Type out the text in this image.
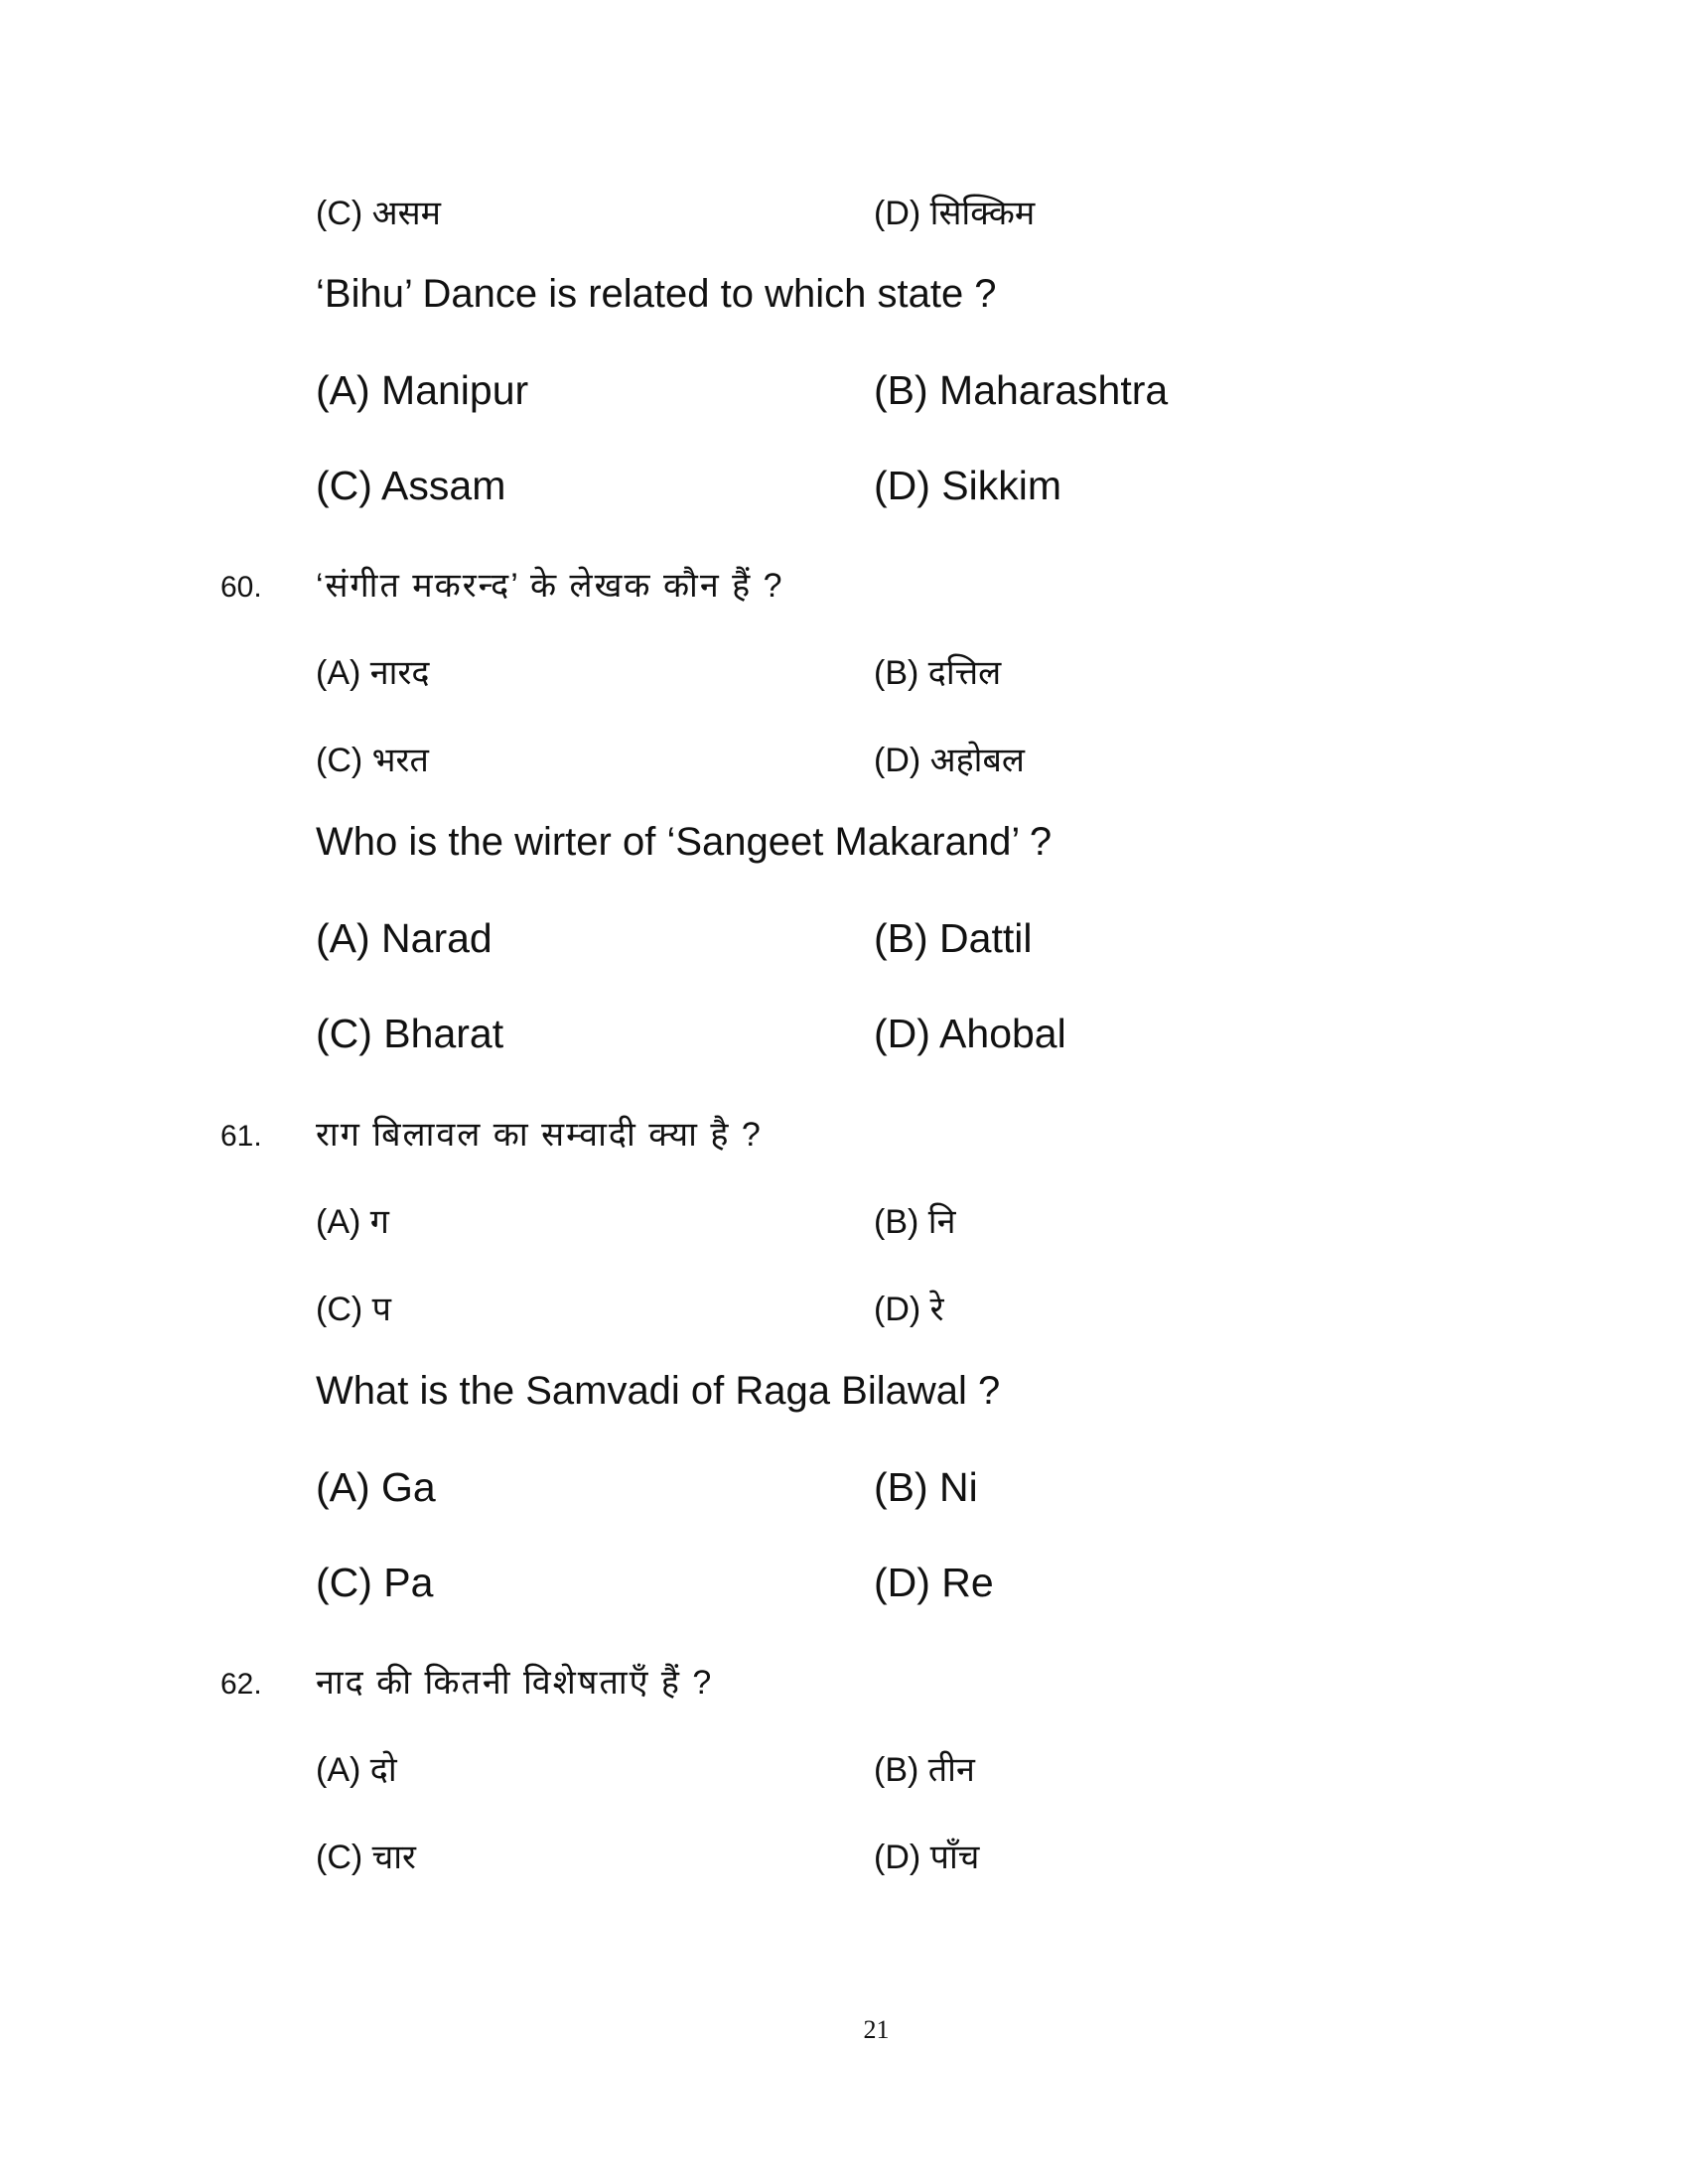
(C) असम	(D) सिक्किम
‘Bihu’ Dance is related to which state ?
(A) Manipur	(B) Maharashtra
(C) Assam	(D) Sikkim
60. ‘संगीत मकरन्द’ के लेखक कौन हैं ?
(A) नारद	(B) दत्तिल
(C) भरत	(D) अहोबल
Who is the wirter of ‘Sangeet Makarand’ ?
(A) Narad	(B) Dattil
(C) Bharat	(D) Ahobal
61. राग बिलावल का सम्वादी क्या है ?
(A) ग	(B) नि
(C) प	(D) रे
What is the Samvadi of Raga Bilawal ?
(A) Ga	(B) Ni
(C) Pa	(D) Re
62. नाद की कितनी विशेषताएँ हैं ?
(A) दो	(B) तीन
(C) चार	(D) पाँच
21
